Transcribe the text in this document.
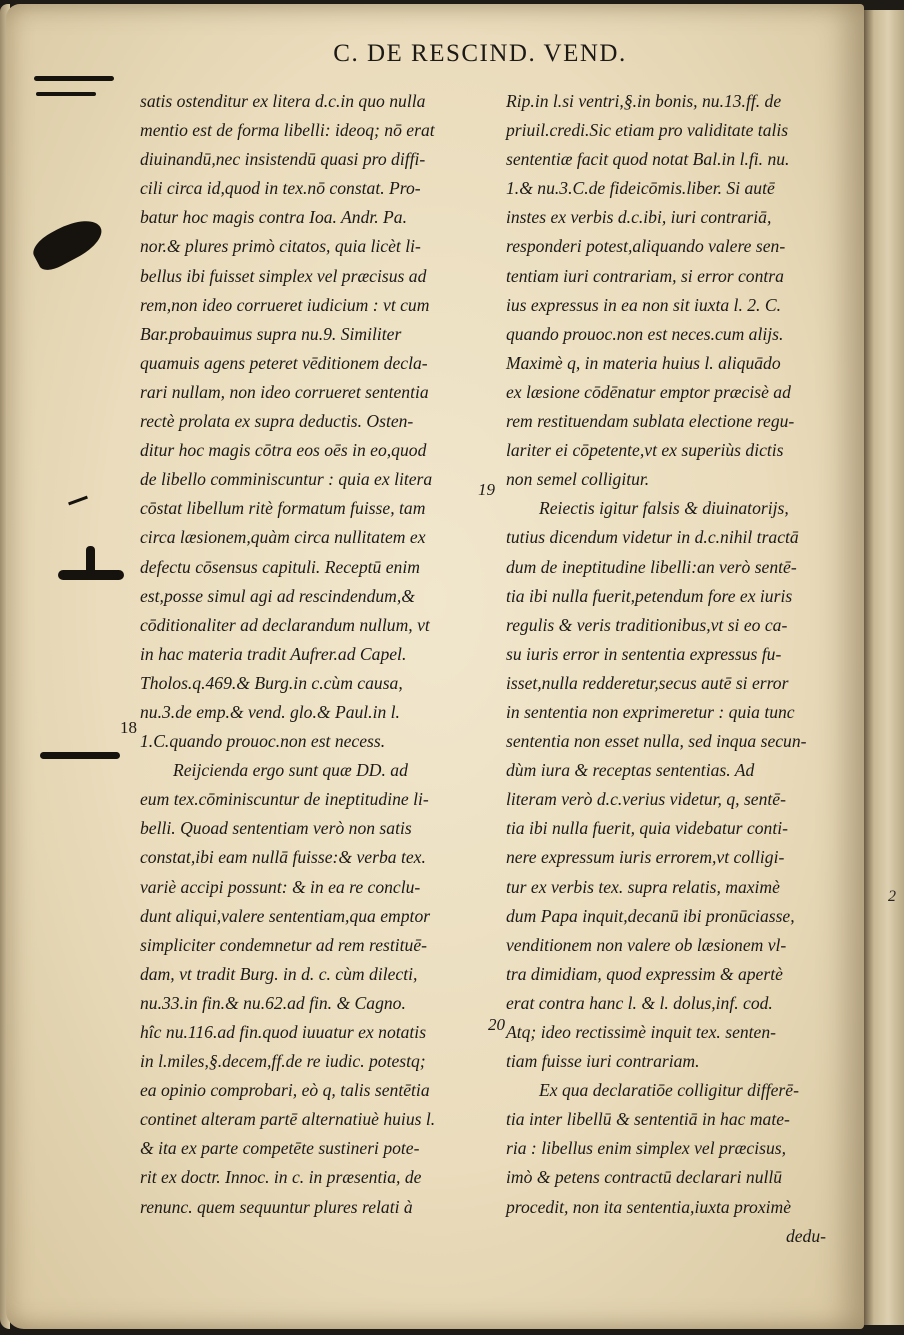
2
C. DE RESCIND. VEND.
18
19
20
satis ostenditur ex litera d.c.in quo nulla
mentio est de forma libelli: ideoq; nō erat
diuinandū,nec insistendū quasi pro diffi-
cili circa id,quod in tex.nō constat. Pro-
batur hoc magis contra Ioa. Andr. Pa.
nor.& plures primò citatos, quia licèt li-
bellus ibi fuisset simplex vel præcisus ad
rem,non ideo corrueret iudicium : vt cum
Bar.probauimus supra nu.9. Similiter
quamuis agens peteret vēditionem decla-
rari nullam, non ideo corrueret sententia
rectè prolata ex supra deductis. Osten-
ditur hoc magis cōtra eos oēs in eo,quod
de libello comminiscuntur : quia ex litera
cōstat libellum ritè formatum fuisse, tam
circa læsionem,quàm circa nullitatem ex
defectu cōsensus capituli. Receptū enim
est,posse simul agi ad rescindendum,&
cōditionaliter ad declarandum nullum, vt
in hac materia tradit Aufrer.ad Capel.
Tholos.q.469.& Burg.in c.cùm causa,
nu.3.de emp.& vend. glo.& Paul.in l.
1.C.quando prouoc.non est necess.
Reijcienda ergo sunt quæ DD. ad
eum tex.cōminiscuntur de ineptitudine li-
belli. Quoad sententiam verò non satis
constat,ibi eam nullā fuisse:& verba tex.
variè accipi possunt: & in ea re conclu-
dunt aliqui,valere sententiam,qua emptor
simpliciter condemnetur ad rem restituē-
dam, vt tradit Burg. in d. c. cùm dilecti,
nu.33.in fin.& nu.62.ad fin. & Cagno.
hîc nu.116.ad fin.quod iuuatur ex notatis
in l.miles,§.decem,ff.de re iudic. potestq;
ea opinio comprobari, eò q, talis sentētia
continet alteram partē alternatiuè huius l.
& ita ex parte competēte sustineri pote-
rit ex doctr. Innoc. in c. in præsentia, de
renunc. quem sequuntur plures relati à
Rip.in l.si ventri,§.in bonis, nu.13.ff. de
priuil.credi.Sic etiam pro validitate talis
sententiæ facit quod notat Bal.in l.fi. nu.
1.& nu.3.C.de fideicōmis.liber. Si autē
instes ex verbis d.c.ibi, iuri contrariā,
responderi potest,aliquando valere sen-
tentiam iuri contrariam, si error contra
ius expressus in ea non sit iuxta l. 2. C.
quando prouoc.non est neces.cum alijs.
Maximè q, in materia huius l. aliquādo
ex læsione cōdēnatur emptor præcisè ad
rem restituendam sublata electione regu-
lariter ei cōpetente,vt ex superiùs dictis
non semel colligitur.
Reiectis igitur falsis & diuinatorijs,
tutius dicendum videtur in d.c.nihil tractā
dum de ineptitudine libelli:an verò sentē-
tia ibi nulla fuerit,petendum fore ex iuris
regulis & veris traditionibus,vt si eo ca-
su iuris error in sententia expressus fu-
isset,nulla redderetur,secus autē si error
in sententia non exprimeretur : quia tunc
sententia non esset nulla, sed inqua secun-
dùm iura & receptas sententias. Ad
literam verò d.c.verius videtur, q, sentē-
tia ibi nulla fuerit, quia videbatur conti-
nere expressum iuris errorem,vt colligi-
tur ex verbis tex. supra relatis, maximè
dum Papa inquit,decanū ibi pronūciasse,
venditionem non valere ob læsionem vl-
tra dimidiam, quod expressim & apertè
erat contra hanc l. & l. dolus,inf. cod.
Atq; ideo rectissimè inquit tex. senten-
tiam fuisse iuri contrariam.
Ex qua declaratiōe colligitur differē-
tia inter libellū & sententiā in hac mate-
ria : libellus enim simplex vel præcisus,
imò & petens contractū declarari nullū
procedit, non ita sententia,iuxta proximè
dedu-
